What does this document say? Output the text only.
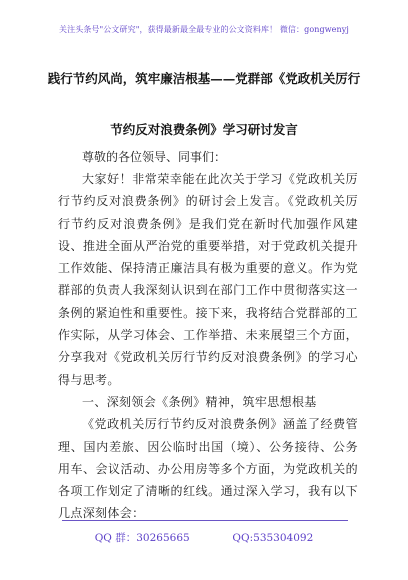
关注头条号"公文研究"，获得最新最全最专业的公文资料库！ 微信：gongwenyj
践行节约风尚，筑牢廉洁根基——党群部《党政机关厉行
节约反对浪费条例》学习研讨发言
尊敬的各位领导、同事们：

大家好！非常荣幸能在此次关于学习《党政机关厉行节约反对浪费条例》的研讨会上发言。《党政机关厉行节约反对浪费条例》是我们党在新时代加强作风建设、推进全面从严治党的重要举措，对于党政机关提升工作效能、保持清正廉洁具有极为重要的意义。作为党群部的负责人我深刻认识到在部门工作中贯彻落实这一条例的紧迫性和重要性。接下来，我将结合党群部的工作实际，从学习体会、工作举措、未来展望三个方面，分享我对《党政机关厉行节约反对浪费条例》的学习心得与思考。

一、深刻领会《条例》精神，筑牢思想根基

《党政机关厉行节约反对浪费条例》涵盖了经费管理、国内差旅、因公临时出国（境）、公务接待、公务用车、会议活动、办公用房等多个方面，为党政机关的各项工作划定了清晰的红线。通过深入学习，我有以下几点深刻体会：

QQ 群：30265665	QQ:535304092
